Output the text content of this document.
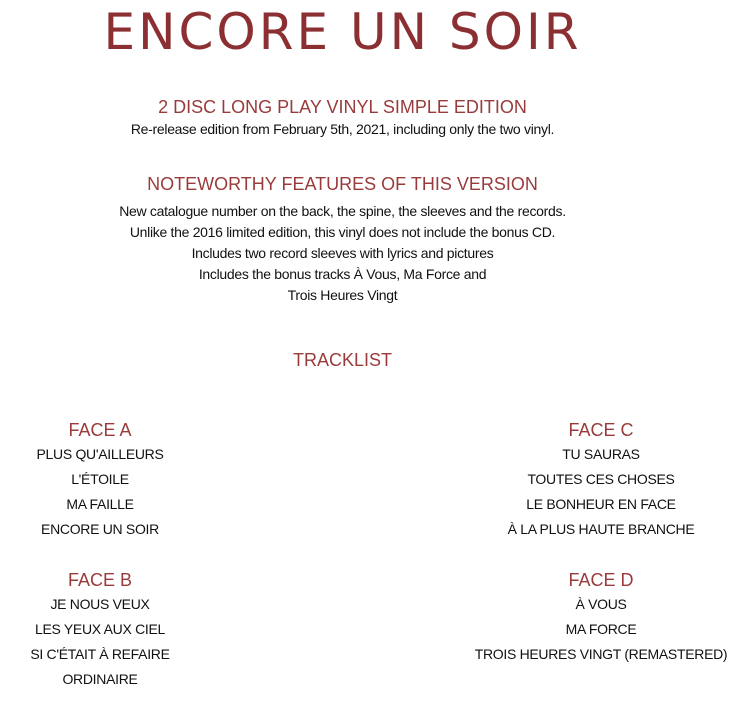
ENCORE UN SOIR
2 DISC LONG PLAY VINYL SIMPLE EDITION
Re-release edition from February 5th, 2021, including only the two vinyl.
NOTEWORTHY FEATURES OF THIS VERSION
New catalogue number on the back, the spine, the sleeves and the records.
Unlike the 2016 limited edition, this vinyl does not include the bonus CD.
Includes two record sleeves with lyrics and pictures
Includes the bonus tracks À Vous, Ma Force and
Trois Heures Vingt
TRACKLIST
FACE A
PLUS QU'AILLEURS
L'ÉTOILE
MA FAILLE
ENCORE UN SOIR
FACE B
JE NOUS VEUX
LES YEUX AUX CIEL
SI C'ÉTAIT À REFAIRE
ORDINAIRE
FACE C
TU SAURAS
TOUTES CES CHOSES
LE BONHEUR EN FACE
À LA PLUS HAUTE BRANCHE
FACE D
À VOUS
MA FORCE
TROIS HEURES VINGT (REMASTERED)
